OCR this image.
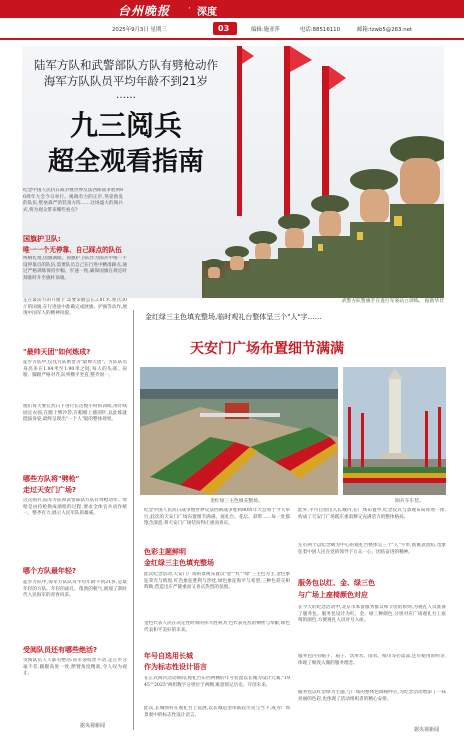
台州晚报 · 深度
2025年9月3日 星期三	03	编辑:施亚萍	电话:88516110	邮箱:tzwb5@263.net
陆军方队和武警部队方队有劈枪动作
海军方队队员平均年龄不到21岁
……
九三阅兵
超全观看指南
武警方队警旗手在进行军姿站立训练。 据新华社
纪念中国人民抗日战争暨世界反法西斯战争胜利80周年大会今日举行。揭晓有力的正步,英姿勃发的队伍,壁垒森严的装备方阵……这场盛大的阅兵式,将为观众带来哪些看点?
国旗护卫队:
唯一一个无停靠、自己踩点的队伍
鸣响礼炮,国旗满眼。国旗护卫队作为阅兵中唯一不设停靠点的队伍,需要队员自己在行进中精准踩点,通过严格训练保持步幅、步速一致,确保国旗在规定时刻准时升至旗杆顶端。
走在最前方的升旗手,需要掌握总长3.81米,重达30斤的国旗,在行进途中准确完成展旗、护旗等动作,展现中国军人的精神风貌。
"最帅天团"如何炼成?
徒步方队中,仪仗方队被誉为"最帅天团"。方队队员身高多在1.84米至1.90米之间,每人的头部、肩膀、脚跟严格对齐,队列横平竖直,整齐划一。
他们每天要在烈日下进行长达数小时的训练,用针线固定衣领,在腿上绑沙袋,在帽檐上插别针,以此练就挺拔身姿,最终呈现出"一个人"般的整体效果。
哪些方队将"劈枪"
走过天安门广场?
这次阅兵,陆军方队和武警部队方队有劈枪动作。劈枪是由持枪换成端枪的过程,要求全体官兵动作统一、整齐有力,展示人民军队的雄威。
哪个方队最年轻?
徒步方队中,海军方队队员平均年龄不到21岁,是最年轻的方队。年轻的面孔、蓬勃的朝气,展现了新时代人民海军的青春风采。
受阅队员还有哪些绝活?
受阅队员人人都有绝活:站军姿纹丝不动,走正步分毫不差,踢腿高度一致,摆臂角度精准,令人叹为观止。
据央视新闻
金红绿三主色填充整场,临时观礼台整体呈三个"人"字……
天安门广场布置细节满满
金红绿三主色填充整场。	阅兵车车装。
纪念中国人民抗日战争暨世界反法西斯战争胜利80周年大会将于今天举行,此次的天安门广场布置细节满满。观礼台、花坛、彩带……每一处都饱含深意,将天安门广场装扮得庄重而喜庆。
色彩主题鲜明
金红绿三主色填充整场
此次纪念活动,天安门广场的景观布置以"金""红""绿"三主色为主,金色象征荣光与辉煌,红色象征胜利与热忱,绿色象征和平与希望,三种色彩交相辉映,营造出庄严隆重而又喜庆热烈的氛围。
金色代表人民在决定性时刻的伟大胜利,红色代表先烈的牺牲与奉献,绿色代表和平美好的未来。
年号自选用长城
作为标志性设计语言
在正式阅兵活动期间,观礼台东西两侧的年号装置以长城为设计元素,"1945""2025"两组数字分别位于两侧,寓意铭记历史、开创未来。
此次,长城图样在观礼台上延展,以长城造型串联起历史与当下,成为广场景观中的标志性设计语言。
此外,平可自由出入长城内,在广场布置中,纪念仪式与景观布局浑然一体,构成了天安门广场既庄重肃穆又充满活力的整体格局。
左右两个以纪念碑为中心的观礼台整体呈三个"人"字形,既寓意团结,也象征着中国人民在党的领导下万众一心、团结奋进的精神。
服务包以红、金、绿三色
与广场上座椅颜色对应
在今天的纪念活动中,北京市本着服务群众和节俭的原则,为观礼人员准备了服务包。服务包设计为红、金、绿三种颜色,分别对应广场观礼台上座椅的颜色,方便观礼人员对号入座。
服务包内有帽子、扇子、饮用水、雨衣、纸巾等必需品,还有使用说明等,体现了细致入微的服务理念。
服务包以红金绿为主题,与广场的整体色调相呼应,为纪念活动增添了一抹亮丽的色彩,也体现了活动组织者的精心安排。
据央视新闻
